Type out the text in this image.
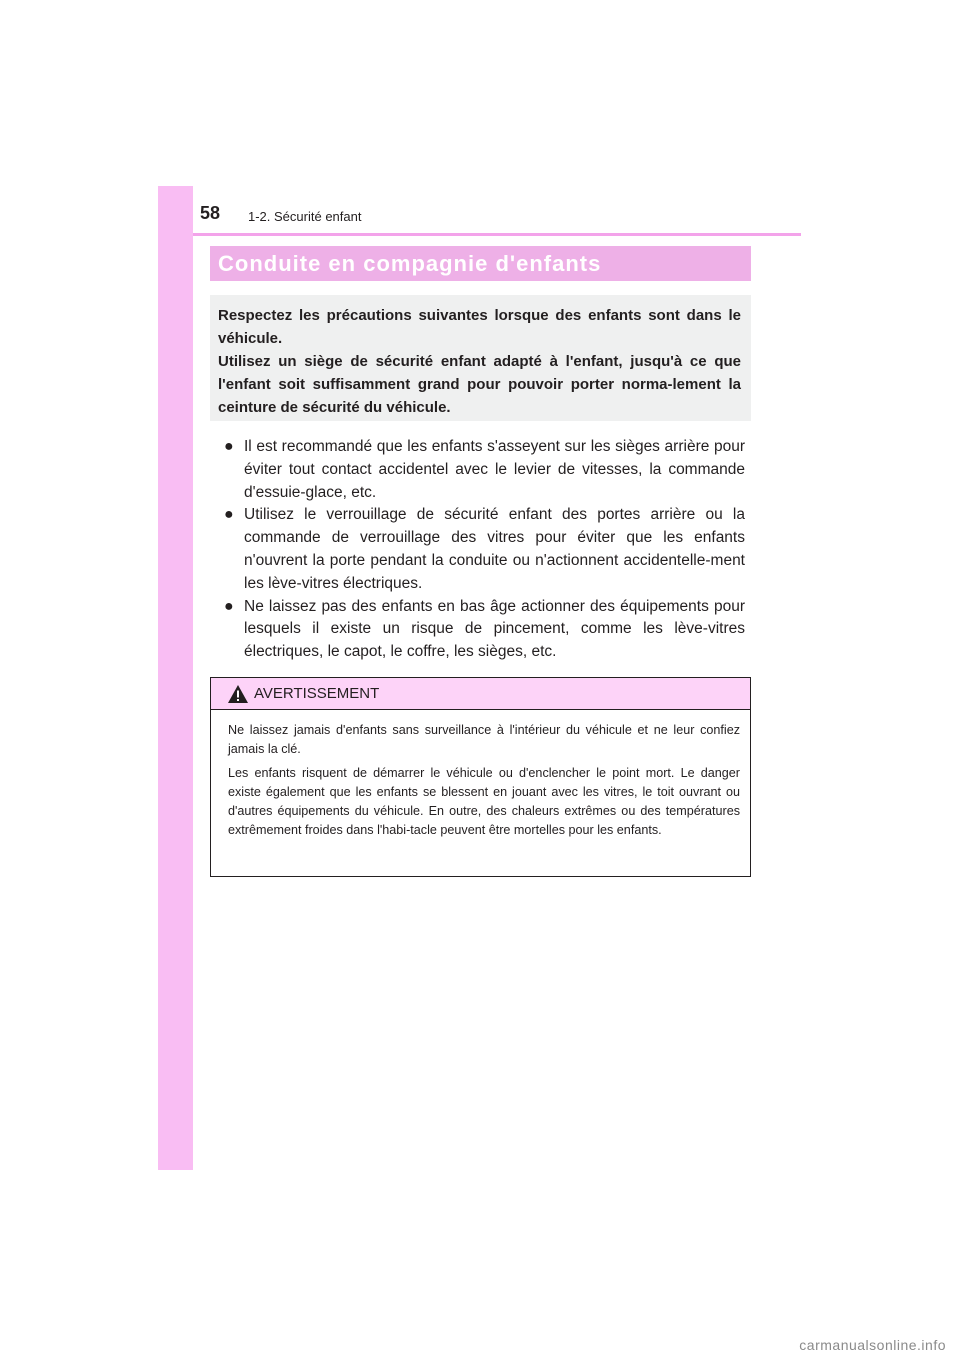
58 1-2. Sécurité enfant
Conduite en compagnie d'enfants

Respectez les précautions suivantes lorsque des enfants sont dans le véhicule.

Utilisez un siège de sécurité enfant adapté à l'enfant, jusqu'à ce que l'enfant soit suffisamment grand pour pouvoir porter norma-lement la ceinture de sécurité du véhicule.

● Il est recommandé que les enfants s'asseyent sur les sièges arrière pour éviter tout contact accidentel avec le levier de vitesses, la commande d'essuie-glace, etc.
● Utilisez le verrouillage de sécurité enfant des portes arrière ou la commande de verrouillage des vitres pour éviter que les enfants n'ouvrent la porte pendant la conduite ou n'actionnent accidentelle-ment les lève-vitres électriques.
● Ne laissez pas des enfants en bas âge actionner des équipements pour lesquels il existe un risque de pincement, comme les lève-vitres électriques, le capot, le coffre, les sièges, etc.
AVERTISSEMENT

Ne laissez jamais d'enfants sans surveillance à l'intérieur du véhicule et ne leur confiez jamais la clé.

Les enfants risquent de démarrer le véhicule ou d'enclencher le point mort. Le danger existe également que les enfants se blessent en jouant avec les vitres, le toit ouvrant ou d'autres équipements du véhicule. En outre, des chaleurs extrêmes ou des températures extrêmement froides dans l'habi-tacle peuvent être mortelles pour les enfants.

carmanualsonline.info
